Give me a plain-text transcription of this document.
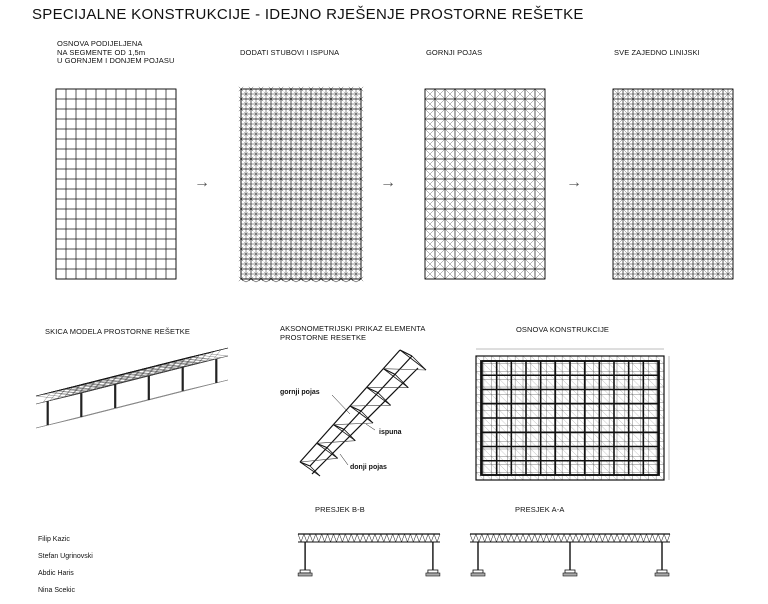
SPECIJALNE KONSTRUKCIJE - IDEJNO RJEŠENJE PROSTORNE REŠETKE
OSNOVA PODIJELJENA
NA SEGMENTE OD 1,5m
U GORNJEM I DONJEM POJASU
DODATI STUBOVI I ISPUNA	GORNJI POJAS	SVE ZAJEDNO LINIJSKI
→	→	→
SKICA MODELA PROSTORNE REŠETKE	AKSONOMETRIJSKI PRIKAZ ELEMENTA
PROSTORNE RESETKE
OSNOVA KONSTRUKCIJE
gornji pojas
ispuna
donji pojas
PRESJEK B-B	PRESJEK A-A

Filip Kazic

Stefan Ugrinovski

Abdic Haris

Nina Scekic
